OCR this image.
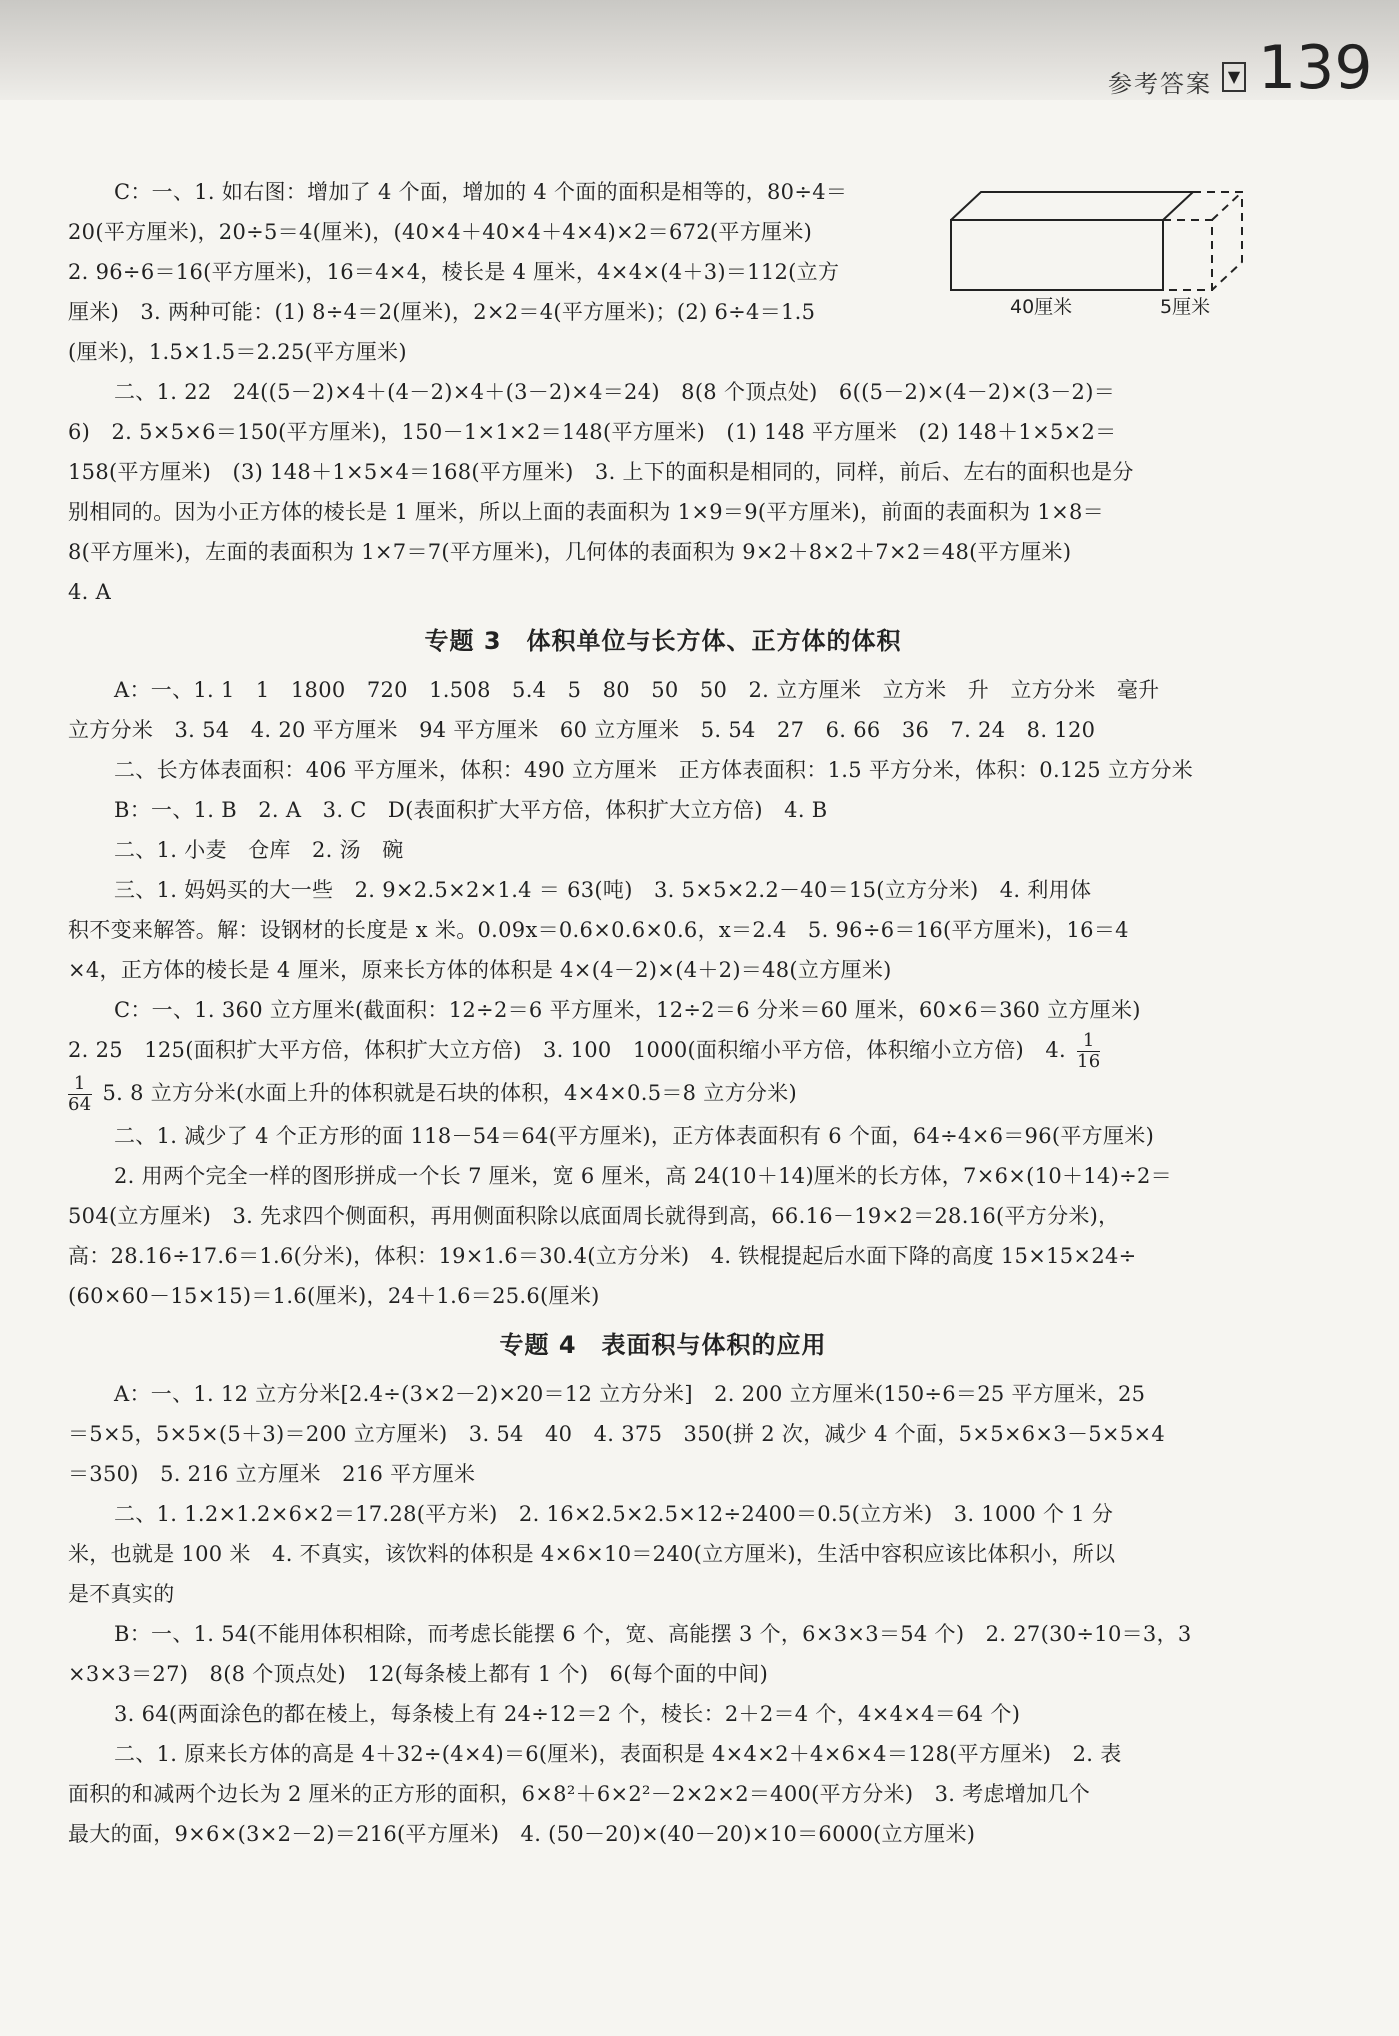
参考答案 ▼ 139
40厘米	5厘米
C：一、1. 如右图：增加了 4 个面，增加的 4 个面的面积是相等的，80÷4＝
20(平方厘米)，20÷5＝4(厘米)，(40×4＋40×4＋4×4)×2＝672(平方厘米)
2. 96÷6＝16(平方厘米)，16＝4×4，棱长是 4 厘米，4×4×(4＋3)＝112(立方
厘米)　3. 两种可能：(1) 8÷4＝2(厘米)，2×2＝4(平方厘米)；(2) 6÷4＝1.5
(厘米)，1.5×1.5＝2.25(平方厘米)
二、1. 22　24((5－2)×4＋(4－2)×4＋(3－2)×4＝24)　8(8 个顶点处)　6((5－2)×(4－2)×(3－2)＝
6)　2. 5×5×6＝150(平方厘米)，150－1×1×2＝148(平方厘米)　(1) 148 平方厘米　(2) 148＋1×5×2＝
158(平方厘米)　(3) 148＋1×5×4＝168(平方厘米)　3. 上下的面积是相同的，同样，前后、左右的面积也是分
别相同的。因为小正方体的棱长是 1 厘米，所以上面的表面积为 1×9＝9(平方厘米)，前面的表面积为 1×8＝
8(平方厘米)，左面的表面积为 1×7＝7(平方厘米)，几何体的表面积为 9×2＋8×2＋7×2＝48(平方厘米)
4. A
专题 3　体积单位与长方体、正方体的体积
A：一、1. 1　1　1800　720　1.508　5.4　5　80　50　50　2. 立方厘米　立方米　升　立方分米　毫升
立方分米　3. 54　4. 20 平方厘米　94 平方厘米　60 立方厘米　5. 54　27　6. 66　36　7. 24　8. 120
二、长方体表面积：406 平方厘米，体积：490 立方厘米　正方体表面积：1.5 平方分米，体积：0.125 立方分米
B：一、1. B　2. A　3. C　D(表面积扩大平方倍，体积扩大立方倍)　4. B
二、1. 小麦　仓库　2. 汤　碗
三、1. 妈妈买的大一些　2. 9×2.5×2×1.4 ＝ 63(吨)　3. 5×5×2.2－40＝15(立方分米)　4. 利用体
积不变来解答。解：设钢材的长度是 x 米。0.09x＝0.6×0.6×0.6，x＝2.4　5. 96÷6＝16(平方厘米)，16＝4
×4，正方体的棱长是 4 厘米，原来长方体的体积是 4×(4－2)×(4＋2)＝48(立方厘米)
C：一、1. 360 立方厘米(截面积：12÷2＝6 平方厘米，12÷2＝6 分米＝60 厘米，60×6＝360 立方厘米)
2. 25　125(面积扩大平方倍，体积扩大立方倍)　3. 100　1000(面积缩小平方倍，体积缩小立方倍)　4. $\frac{1}{16}$
$\frac{1}{64} 5$. 8 立方分米(水面上升的体积就是石块的体积，4×4×0.5＝8 立方分米)
二、1. 减少了 4 个正方形的面 118－54＝64(平方厘米)，正方体表面积有 6 个面，64÷4×6＝96(平方厘米)
2. 用两个完全一样的图形拼成一个长 7 厘米，宽 6 厘米，高 24(10＋14)厘米的长方体，7×6×(10＋14)÷2＝
504(立方厘米)　3. 先求四个侧面积，再用侧面积除以底面周长就得到高，66.16－19×2＝28.16(平方分米)，
高：28.16÷17.6＝1.6(分米)，体积：19×1.6＝30.4(立方分米)　4. 铁棍提起后水面下降的高度 15×15×24÷
(60×60－15×15)＝1.6(厘米)，24＋1.6＝25.6(厘米)
专题 4　表面积与体积的应用
A：一、1. 12 立方分米[2.4÷(3×2－2)×20＝12 立方分米]　2. 200 立方厘米(150÷6＝25 平方厘米，25
＝5×5，5×5×(5＋3)＝200 立方厘米)　3. 54　40　4. 375　350(拼 2 次，减少 4 个面，5×5×6×3－5×5×4
＝350)　5. 216 立方厘米　216 平方厘米
二、1. 1.2×1.2×6×2＝17.28(平方米)　2. 16×2.5×2.5×12÷2400＝0.5(立方米)　3. 1000 个 1 分
米，也就是 100 米　4. 不真实，该饮料的体积是 4×6×10＝240(立方厘米)，生活中容积应该比体积小，所以
是不真实的
B：一、1. 54(不能用体积相除，而考虑长能摆 6 个，宽、高能摆 3 个，6×3×3＝54 个)　2. 27(30÷10＝3，3
×3×3＝27)　8(8 个顶点处)　12(每条棱上都有 1 个)　6(每个面的中间)
3. 64(两面涂色的都在棱上，每条棱上有 24÷12＝2 个，棱长：2＋2＝4 个，4×4×4＝64 个)
二、1. 原来长方体的高是 4＋32÷(4×4)＝6(厘米)，表面积是 4×4×2＋4×6×4＝128(平方厘米)　2. 表
面积的和减两个边长为 2 厘米的正方形的面积，6×8²＋6×2²－2×2×2＝400(平方分米)　3. 考虑增加几个
最大的面，9×6×(3×2－2)＝216(平方厘米)　4. (50－20)×(40－20)×10＝6000(立方厘米)
